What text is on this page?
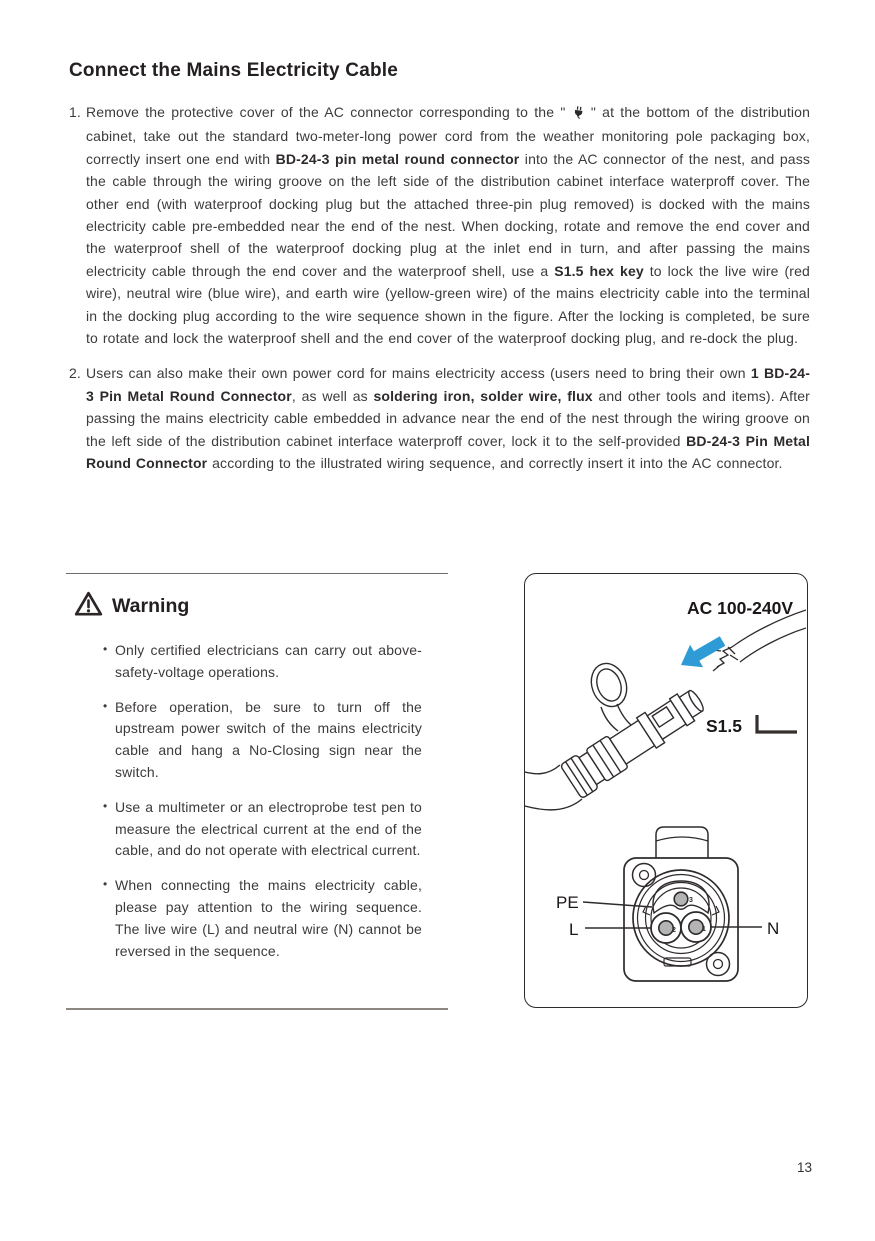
Connect the Mains Electricity Cable
1. Remove the protective cover of the AC connector corresponding to the "  " at the bottom of the distribution cabinet, take out the standard two-meter-long power cord from the weather monitoring pole packaging box, correctly insert one end with BD-24-3 pin metal round connector into the AC connector of the nest, and pass the cable through the wiring groove on the left side of the distribution cabinet interface waterproff cover. The other end (with waterproof docking plug but the attached three-pin plug removed) is docked with the mains electricity cable pre-embedded near the end of the nest. When docking, rotate and remove the end cover and the waterproof shell of the waterproof docking plug at the inlet end in turn, and after passing the mains electricity cable through the end cover and the waterproof shell, use a S1.5 hex key to lock the live wire (red wire), neutral wire (blue wire), and earth wire (yellow-green wire) of the mains electricity cable into the terminal in the docking plug according to the wire sequence shown in the figure. After the locking is completed, be sure to rotate and lock the waterproof shell and the end cover of the waterproof docking plug, and re-dock the plug.
2. Users can also make their own power cord for mains electricity access (users need to bring their own 1 BD-24-3 Pin Metal Round Connector, as well as soldering iron, solder wire, flux and other tools and items). After passing the mains electricity cable embedded in advance near the end of the nest through the wiring groove on the left side of the distribution cabinet interface waterproff cover, lock it to the self-provided BD-24-3 Pin Metal Round Connector according to the illustrated wiring sequence, and correctly insert it into the AC connector.
Warning
• Only certified electricians can carry out above-safety-voltage operations.
• Before operation, be sure to turn off the upstream power switch of the mains electricity cable and hang a No-Closing sign near the switch.
• Use a multimeter or an electroprobe test pen to measure the electrical current at the end of the cable, and do not operate with electrical current.
• When connecting the mains electricity cable, please pay attention to the wiring sequence. The live wire (L) and neutral wire (N) cannot be reversed in the sequence.
AC 100-240V
S1.5
3
2	1
PE
L	N
13
